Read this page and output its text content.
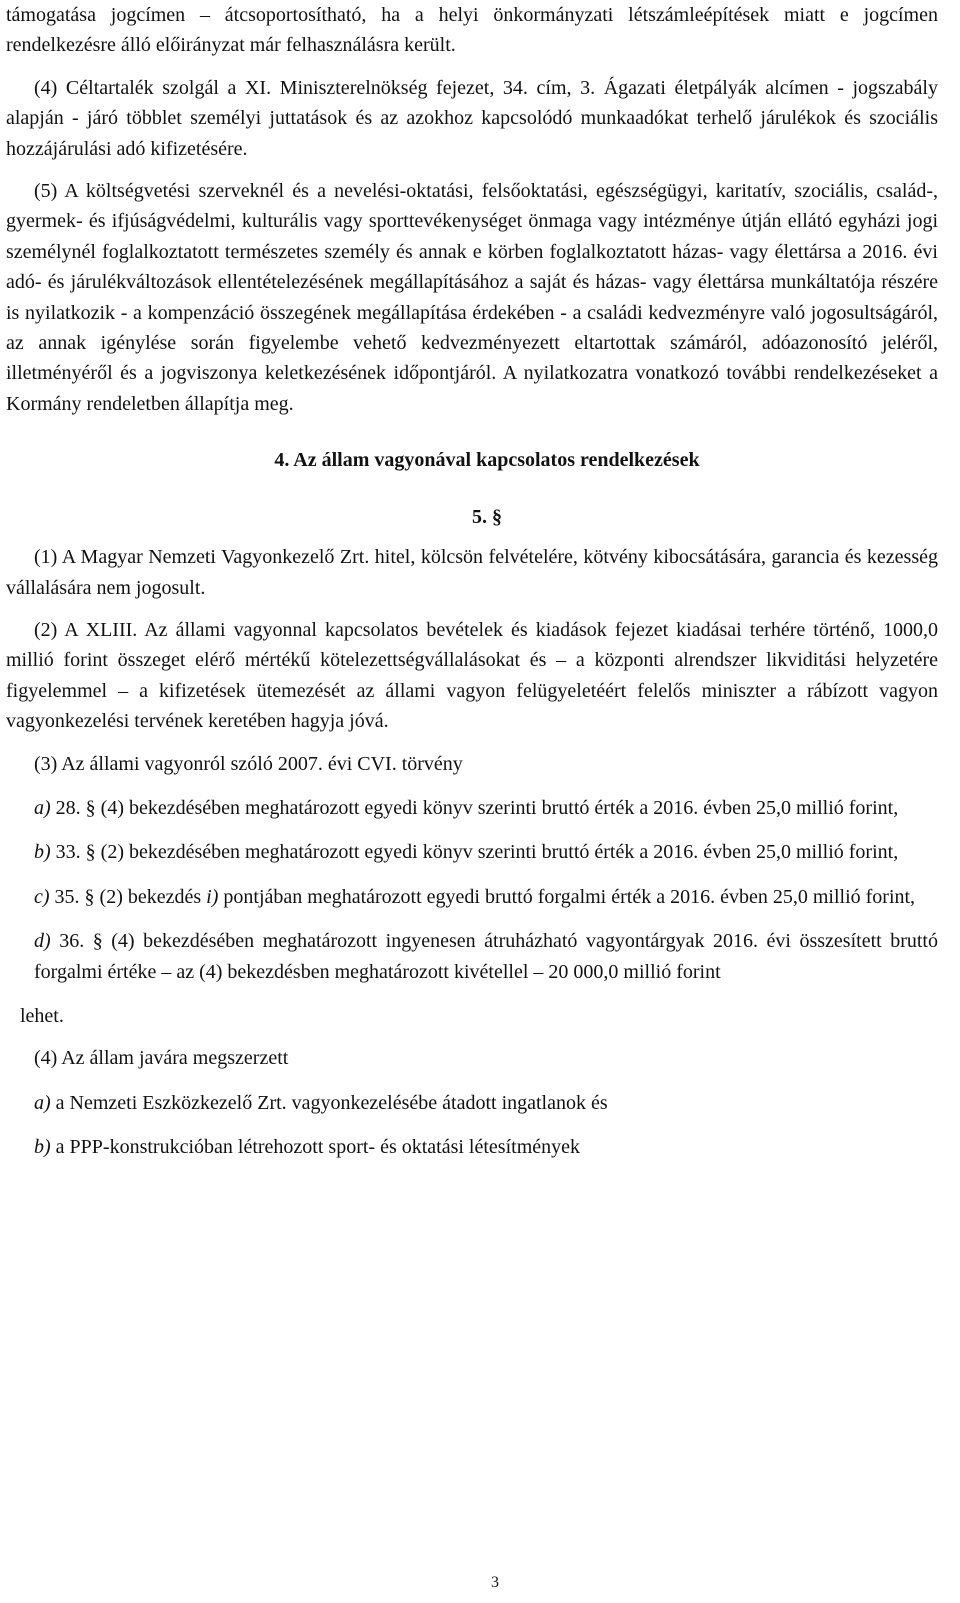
támogatása jogcímen – átcsoportosítható, ha a helyi önkormányzati létszámleépítések miatt e jogcímen rendelkezésre álló előirányzat már felhasználásra került.

(4) Céltartalék szolgál a XI. Miniszterelnökség fejezet, 34. cím, 3. Ágazati életpályák alcímen - jogszabály alapján - járó többlet személyi juttatások és az azokhoz kapcsolódó munkaadókat terhelő járulékok és szociális hozzájárulási adó kifizetésére.

(5) A költségvetési szerveknél és a nevelési-oktatási, felsőoktatási, egészségügyi, karitatív, szociális, család-, gyermek- és ifjúságvédelmi, kulturális vagy sporttevékenységet önmaga vagy intézménye útján ellátó egyházi jogi személynél foglalkoztatott természetes személy és annak e körben foglalkoztatott házas- vagy élettársa a 2016. évi adó- és járulékváltozások ellentételezésének megállapításához a saját és házas- vagy élettársa munkáltatója részére is nyilatkozik - a kompenzáció összegének megállapítása érdekében - a családi kedvezményre való jogosultságáról, az annak igénylése során figyelembe vehető kedvezményezett eltartottak számáról, adóazonosító jeléről, illetményéről és a jogviszonya keletkezésének időpontjáról. A nyilatkozatra vonatkozó további rendelkezéseket a Kormány rendeletben állapítja meg.

4. Az állam vagyonával kapcsolatos rendelkezések

5. §

(1) A Magyar Nemzeti Vagyonkezelő Zrt. hitel, kölcsön felvételére, kötvény kibocsátására, garancia és kezesség vállalására nem jogosult.

(2) A XLIII. Az állami vagyonnal kapcsolatos bevételek és kiadások fejezet kiadásai terhére történő, 1000,0 millió forint összeget elérő mértékű kötelezettségvállalásokat és – a központi alrendszer likviditási helyzetére figyelemmel – a kifizetések ütemezését az állami vagyon felügyeletéért felelős miniszter a rábízott vagyon vagyonkezelési tervének keretében hagyja jóvá.

(3) Az állami vagyonról szóló 2007. évi CVI. törvény

a) 28. § (4) bekezdésében meghatározott egyedi könyv szerinti bruttó érték a 2016. évben 25,0 millió forint,

b) 33. § (2) bekezdésében meghatározott egyedi könyv szerinti bruttó érték a 2016. évben 25,0 millió forint,

c) 35. § (2) bekezdés i) pontjában meghatározott egyedi bruttó forgalmi érték a 2016. évben 25,0 millió forint,

d) 36. § (4) bekezdésében meghatározott ingyenesen átruházható vagyontárgyak 2016. évi összesített bruttó forgalmi értéke – az (4) bekezdésben meghatározott kivétellel – 20 000,0 millió forint

lehet.

(4) Az állam javára megszerzett

a) a Nemzeti Eszközkezelő Zrt. vagyonkezelésébe átadott ingatlanok és

b) a PPP-konstrukcióban létrehozott sport- és oktatási létesítmények

3
